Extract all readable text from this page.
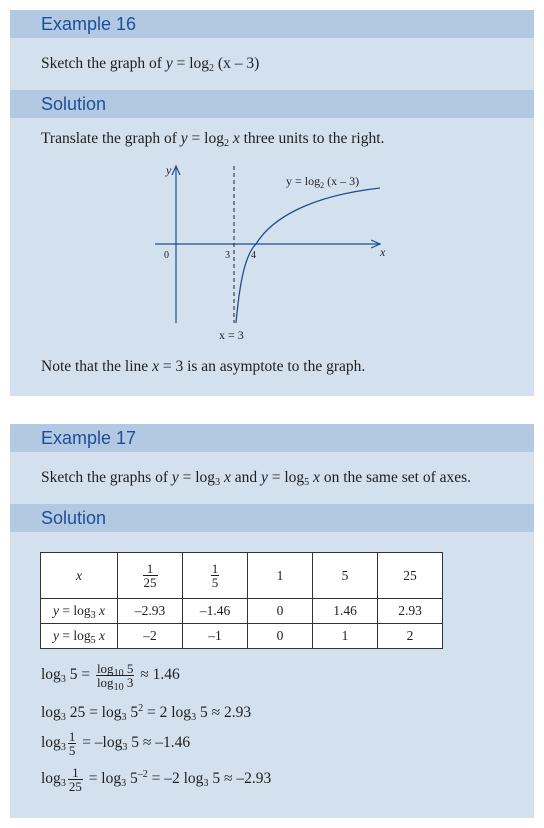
Example 16
Sketch the graph of $y = \log_2 (x - 3)$
Solution
Translate the graph of $y = \log_2 x$ three units to the right.
y
x
0	3 4
$y = \log_2 (x - 3)$
x = 3
Note that the line x = 3 is an asymptote to the graph.
Example 17
Sketch the graphs of $y = \log_3 x$ and $y = \log_5 x$ on the same set of axes.
Solution
x	$\frac{1}{25}$	$\frac{1}{5}$	1	5	25
$y = \log_3 x$	–2.93	–1.46	0	1.46	2.93
$y = \log_5 x$	–2	–1	0	1	2
$\log_3 5 = \frac{\log_{10} 5}{\log_{10} 3} \approx 1.46$
$\log_3 25 = \log_3 5^2 = 2$ $\log_3 5 \approx 2.93$
$\log_3 \frac{1}{5} = -\log_3$ 5 ≈ –1.46
$\log_3 \frac{1}{25} = \log_3 5^{-2} = -2$ $\log_3 5 \approx -2.93$
